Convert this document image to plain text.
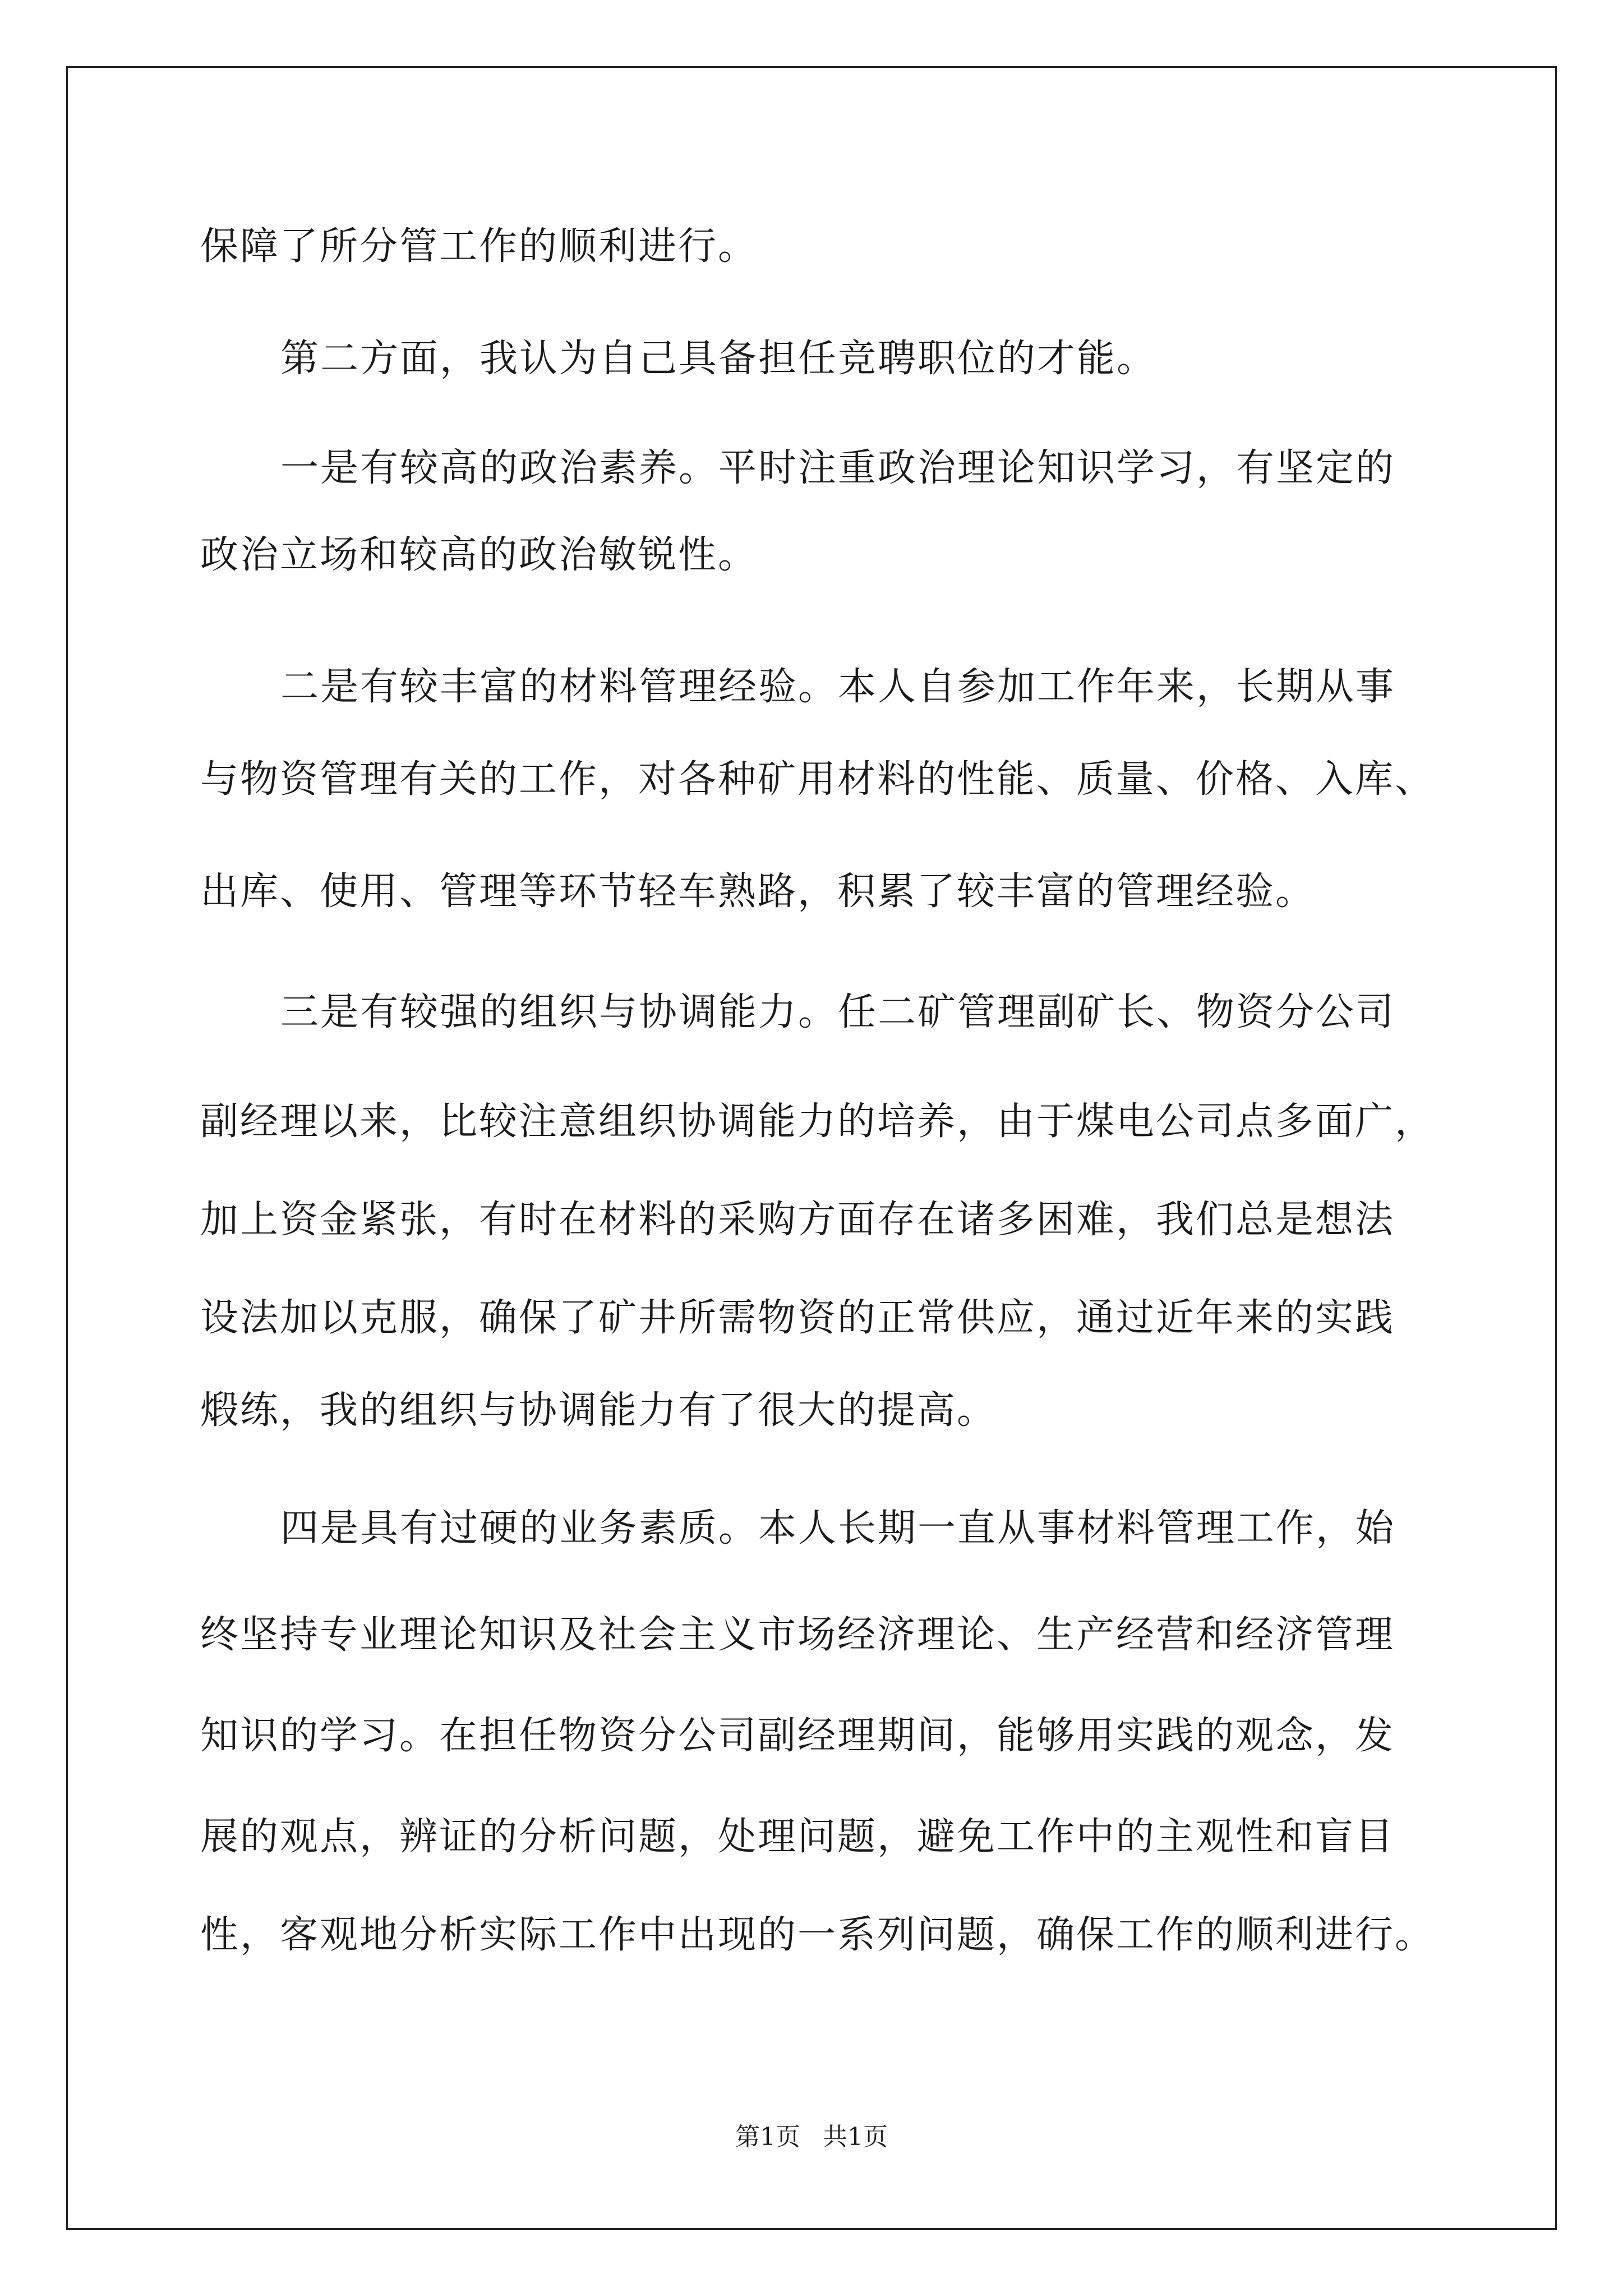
保障了所分管工作的顺利进行。
第二方面，我认为自己具备担任竞聘职位的才能。
一是有较高的政治素养。平时注重政治理论知识学习，有坚定的
政治立场和较高的政治敏锐性。
二是有较丰富的材料管理经验。本人自参加工作年来，长期从事
与物资管理有关的工作，对各种矿用材料的性能、质量、价格、入库、
出库、使用、管理等环节轻车熟路，积累了较丰富的管理经验。
三是有较强的组织与协调能力。任二矿管理副矿长、物资分公司
副经理以来，比较注意组织协调能力的培养，由于煤电公司点多面广，
加上资金紧张，有时在材料的采购方面存在诸多困难，我们总是想法
设法加以克服，确保了矿井所需物资的正常供应，通过近年来的实践
煅练，我的组织与协调能力有了很大的提高。
四是具有过硬的业务素质。本人长期一直从事材料管理工作，始
终坚持专业理论知识及社会主义市场经济理论、生产经营和经济管理
知识的学习。在担任物资分公司副经理期间，能够用实践的观念，发
展的观点，辨证的分析问题，处理问题，避免工作中的主观性和盲目
性，客观地分析实际工作中出现的一系列问题，确保工作的顺利进行。
第1页 共1页
